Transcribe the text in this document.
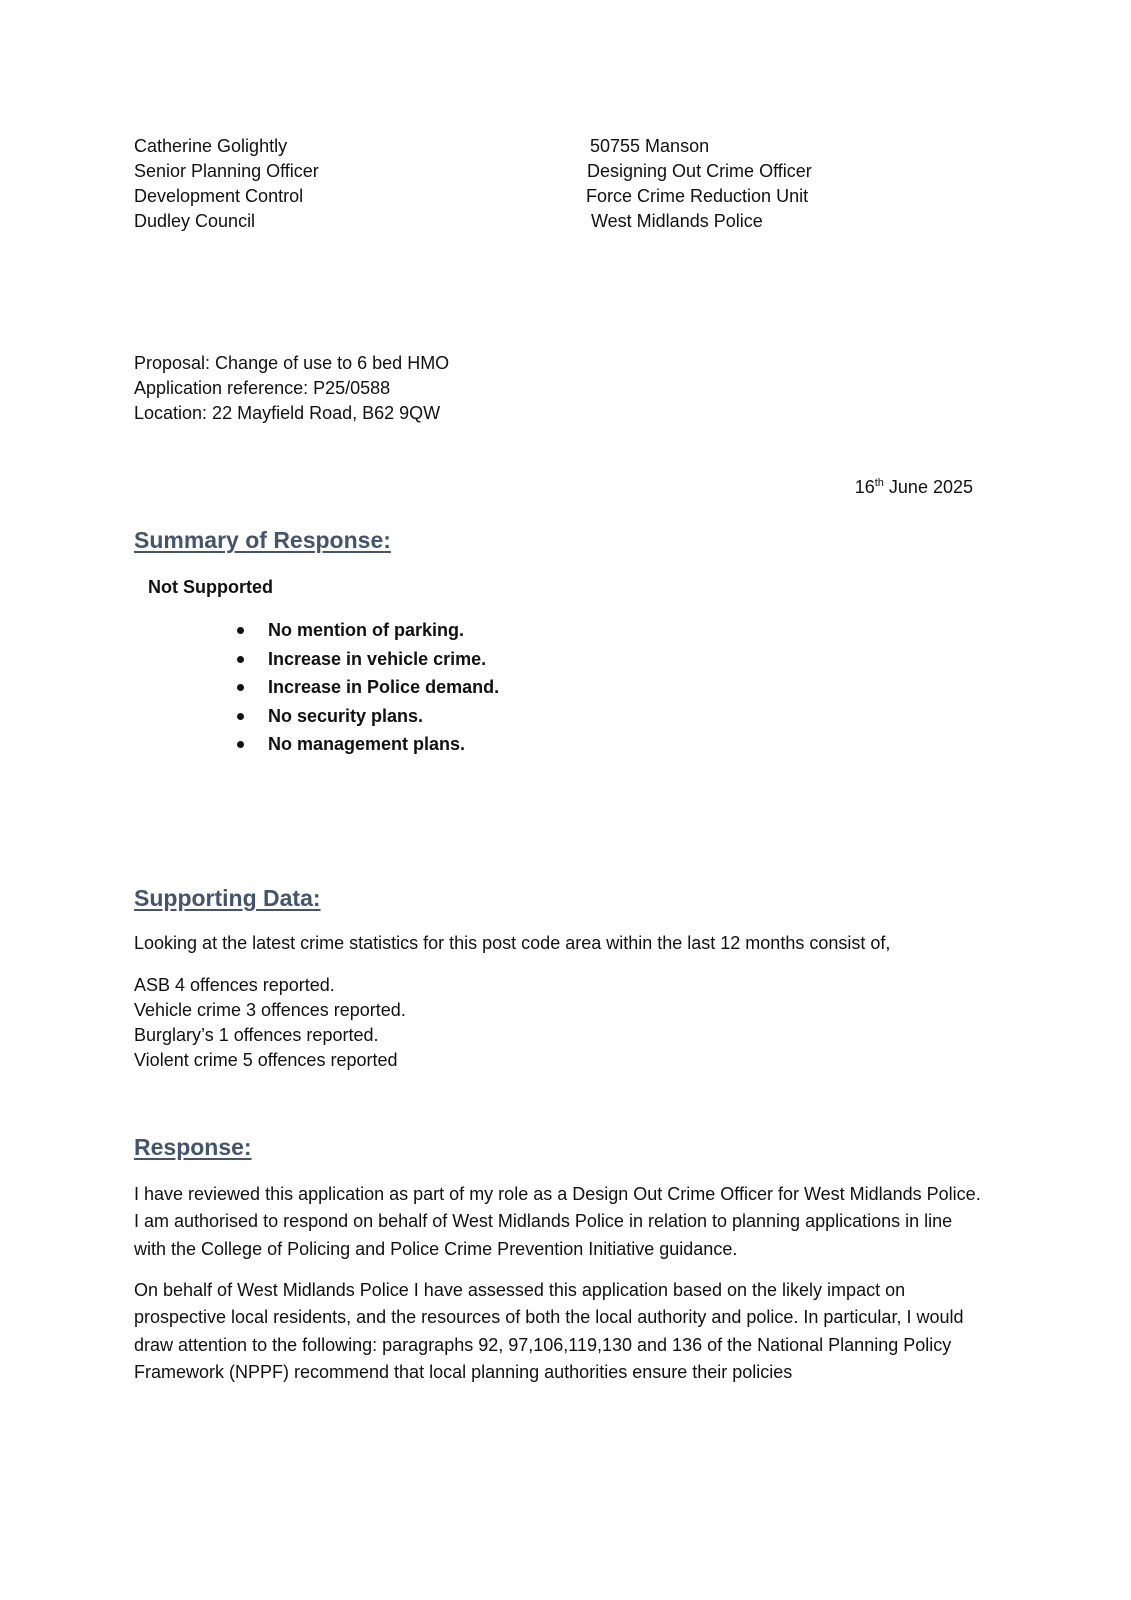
Catherine Golightly
Senior Planning Officer
Development Control
Dudley Council
50755 Manson
Designing Out Crime Officer
Force Crime Reduction Unit
West Midlands Police
Proposal: Change of use to 6 bed HMO
Application reference: P25/0588
Location: 22 Mayfield Road, B62 9QW
16th June 2025
Summary of Response:
Not Supported
No mention of parking.
Increase in vehicle crime.
Increase in Police demand.
No security plans.
No management plans.
Supporting Data:
Looking at the latest crime statistics for this post code area within the last 12 months consist of,
ASB 4 offences reported.
Vehicle crime 3 offences reported.
Burglary’s 1 offences reported.
Violent crime 5 offences reported
Response:

I have reviewed this application as part of my role as a Design Out Crime Officer for West Midlands Police. I am authorised to respond on behalf of West Midlands Police in relation to planning applications in line with the College of Policing and Police Crime Prevention Initiative guidance.

On behalf of West Midlands Police I have assessed this application based on the likely impact on prospective local residents, and the resources of both the local authority and police. In particular, I would draw attention to the following: paragraphs 92, 97,106,119,130 and 136 of the National Planning Policy Framework (NPPF) recommend that local planning authorities ensure their policies
